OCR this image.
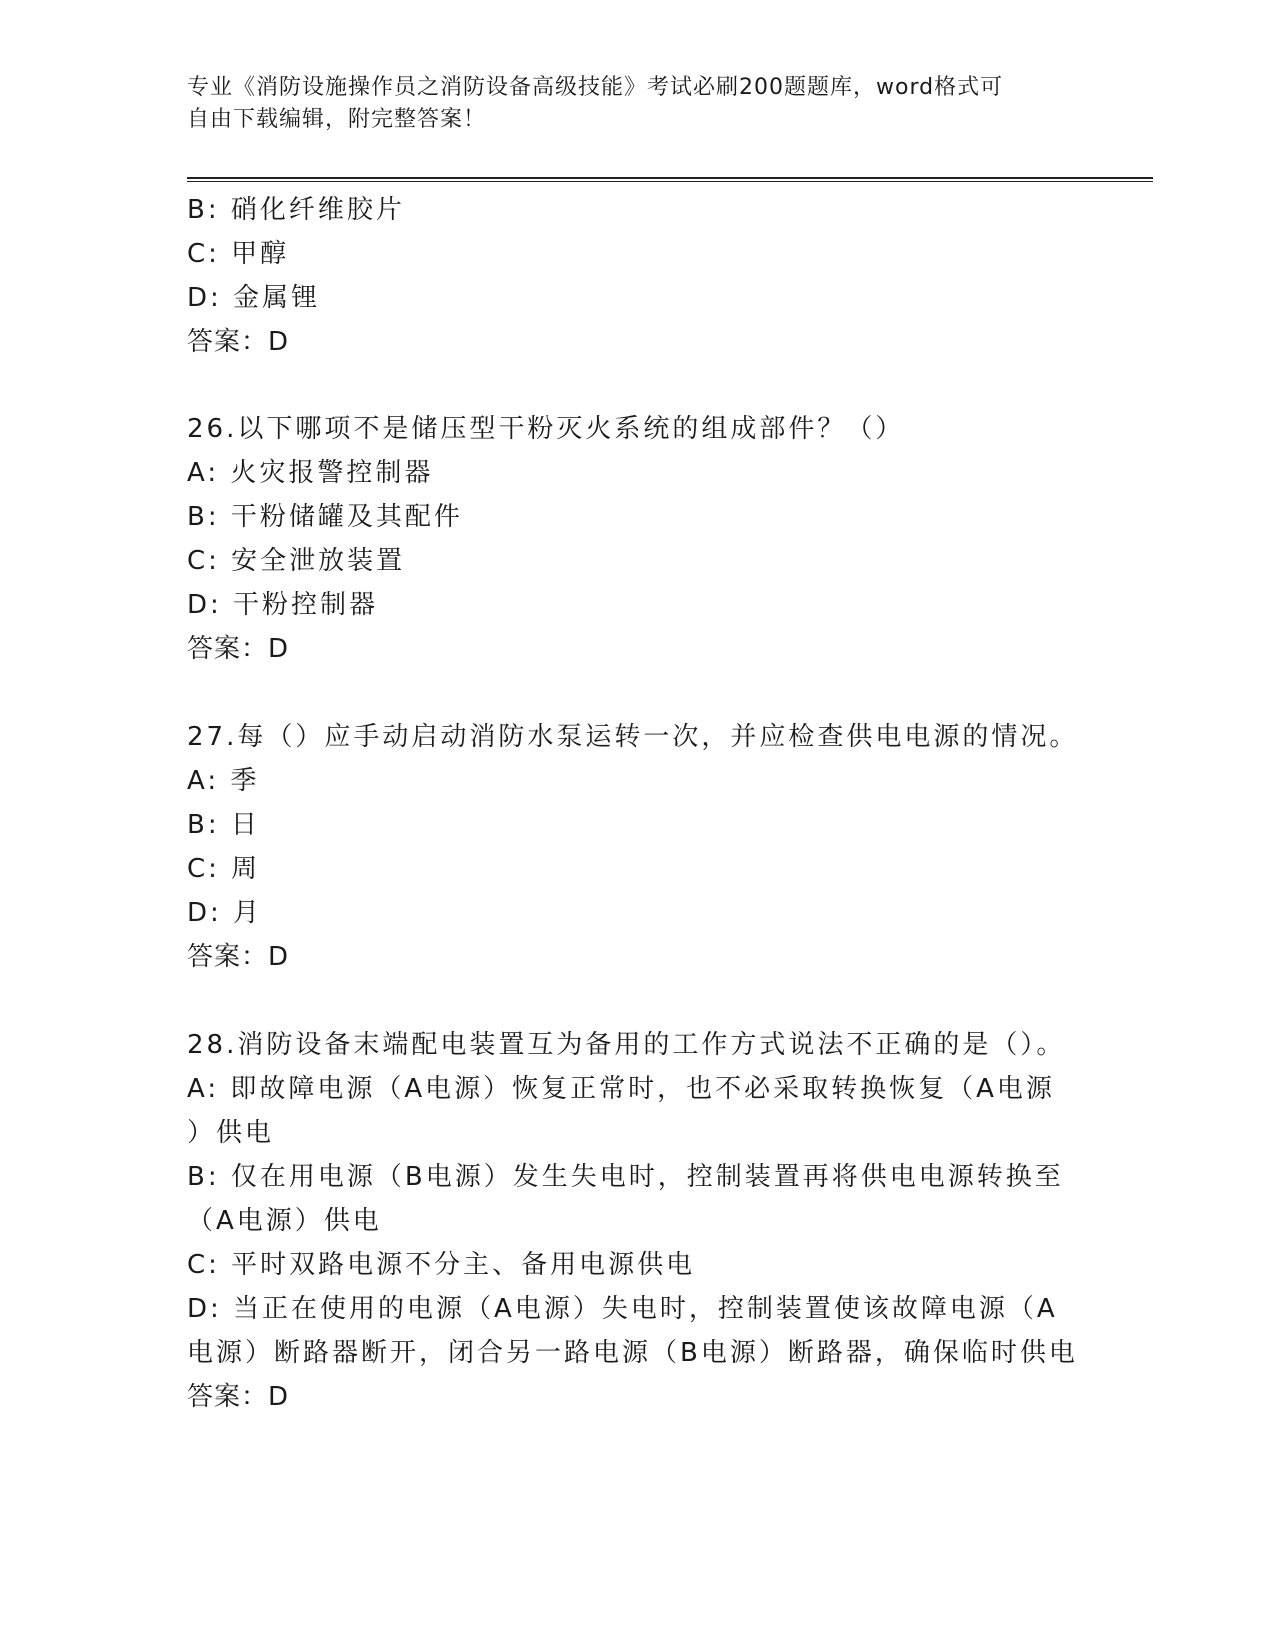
专业《消防设施操作员之消防设备高级技能》考试必刷200题题库，word格式可
自由下载编辑，附完整答案！
B: 硝化纤维胶片
C: 甲醇
D: 金属锂
答案：D
26.以下哪项不是储压型干粉灭火系统的组成部件？（）
A: 火灾报警控制器
B: 干粉储罐及其配件
C: 安全泄放装置
D: 干粉控制器
答案：D
27.每（）应手动启动消防水泵运转一次，并应检查供电电源的情况。
A: 季
B: 日
C: 周
D: 月
答案：D
28.消防设备末端配电装置互为备用的工作方式说法不正确的是（）。
A: 即故障电源（A电源）恢复正常时，也不必采取转换恢复（A电源
）供电
B: 仅在用电源（B电源）发生失电时，控制装置再将供电电源转换至
（A电源）供电
C: 平时双路电源不分主、备用电源供电
D: 当正在使用的电源（A电源）失电时，控制装置使该故障电源（A
电源）断路器断开，闭合另一路电源（B电源）断路器，确保临时供电
答案：D
